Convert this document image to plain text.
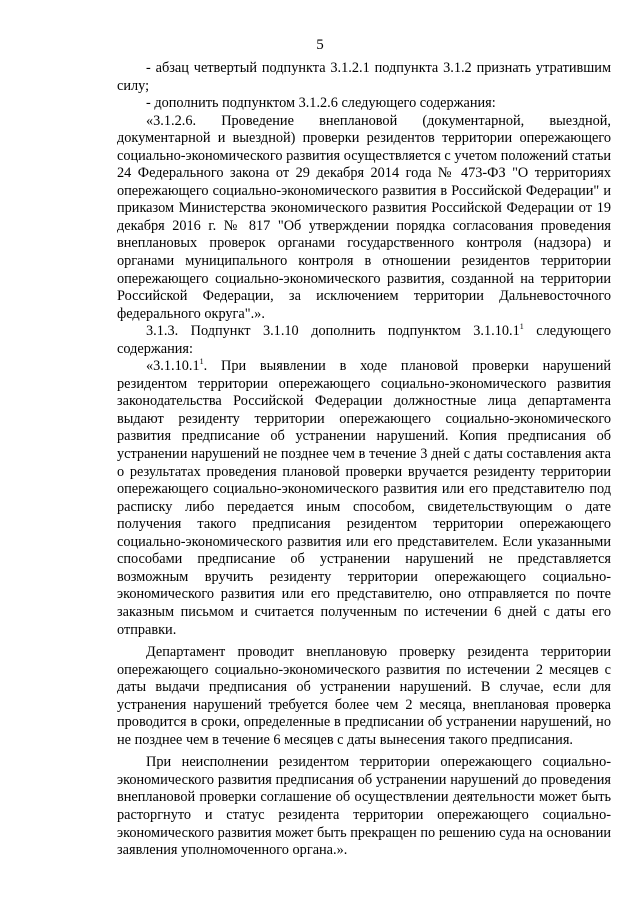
5

- абзац четвертый подпункта 3.1.2.1 подпункта 3.1.2 признать утратившим силу;

- дополнить подпунктом 3.1.2.6 следующего содержания:

«3.1.2.6. Проведение внеплановой (документарной, выездной, документарной и выездной) проверки резидентов территории опережающего социально-экономического развития осуществляется с учетом положений статьи 24 Федерального закона от 29 декабря 2014 года № 473-ФЗ "О территориях опережающего социально-экономического развития в Российской Федерации" и приказом Министерства экономического развития Российской Федерации от 19 декабря 2016 г. № 817 "Об утверждении порядка согласования проведения внеплановых проверок органами государственного контроля (надзора) и органами муниципального контроля в отношении резидентов территории опережающего социально-экономического развития, созданной на территории Российской Федерации, за исключением территории Дальневосточного федерального округа".».

3.1.3. Подпункт 3.1.10 дополнить подпунктом 3.1.10.1$^1$ следующего содержания:

«3.1.10.1$^1$. При выявлении в ходе плановой проверки нарушений резидентом территории опережающего социально-экономического развития законодательства Российской Федерации должностные лица департамента выдают резиденту территории опережающего социально-экономического развития предписание об устранении нарушений. Копия предписания об устранении нарушений не позднее чем в течение 3 дней с даты составления акта о результатах проведения плановой проверки вручается резиденту территории опережающего социально-экономического развития или его представителю под расписку либо передается иным способом, свидетельствующим о дате получения такого предписания резидентом территории опережающего социально-экономического развития или его представителем. Если указанными способами предписание об устранении нарушений не представляется возможным вручить резиденту территории опережающего социально-экономического развития или его представителю, оно отправляется по почте заказным письмом и считается полученным по истечении 6 дней с даты его отправки.

Департамент проводит внеплановую проверку резидента территории опережающего социально-экономического развития по истечении 2 месяцев с даты выдачи предписания об устранении нарушений. В случае, если для устранения нарушений требуется более чем 2 месяца, внеплановая проверка проводится в сроки, определенные в предписании об устранении нарушений, но не позднее чем в течение 6 месяцев с даты вынесения такого предписания.

При неисполнении резидентом территории опережающего социально-экономического развития предписания об устранении нарушений до проведения внеплановой проверки соглашение об осуществлении деятельности может быть расторгнуто и статус резидента территории опережающего социально-экономического развития может быть прекращен по решению суда на основании заявления уполномоченного органа.».
